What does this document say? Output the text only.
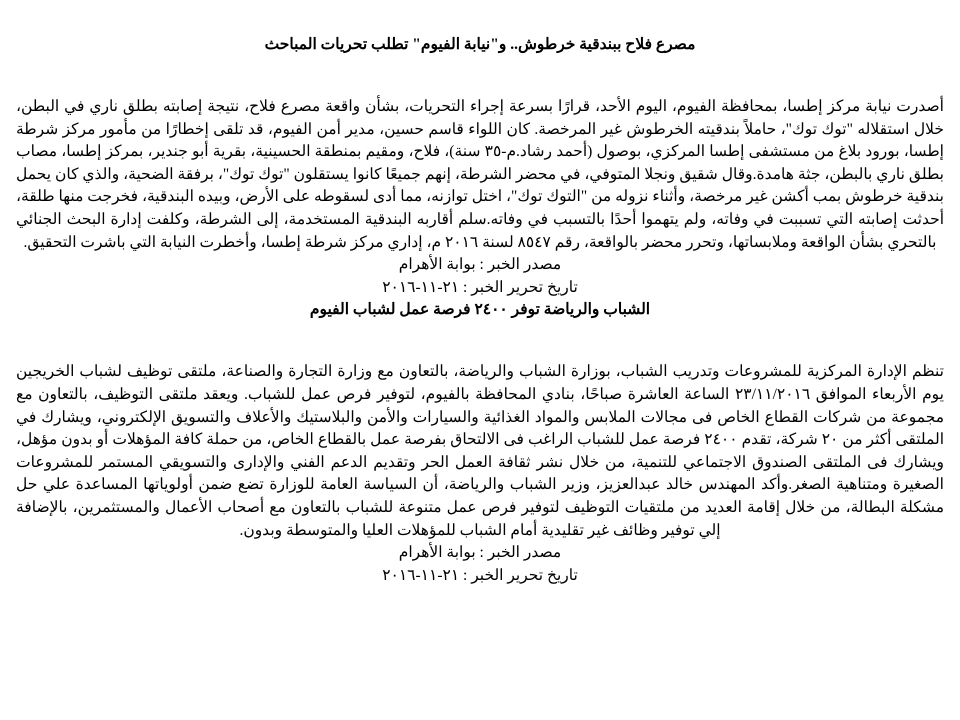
مصرع فلاح ببندقية خرطوش.. و"نيابة الفيوم" تطلب تحريات المباحث

أصدرت نيابة مركز إطسا، بمحافظة الفيوم، اليوم الأحد، قرارًا بسرعة إجراء التحريات، بشأن واقعة مصرع فلاح، نتيجة إصابته بطلق ناري في البطن، خلال استقلاله "توك توك"، حاملاً بندقيته الخرطوش غير المرخصة. كان اللواء قاسم حسين، مدير أمن الفيوم، قد تلقى إخطارًا من مأمور مركز شرطة إطسا، بورود بلاغ من مستشفى إطسا المركزي، بوصول (أحمد رشاد.م-٣٥ سنة)، فلاح، ومقيم بمنطقة الحسينية، بقرية أبو جندير، بمركز إطسا، مصاب بطلق ناري بالبطن، جثة هامدة.وقال شقيق ونجلا المتوفي، في محضر الشرطة، إنهم جميعًا كانوا يستقلون "توك توك"، برفقة الضحية، والذي كان يحمل بندقية خرطوش بمب أكشن غير مرخصة، وأثناء نزوله من "التوك توك"، اختل توازنه، مما أدى لسقوطه على الأرض، وبيده البندقية، فخرجت منها طلقة، أحدثت إصابته التي تسببت في وفاته، ولم يتهموا أحدًا بالتسبب في وفاته.سلم أقاربه البندقية المستخدمة، إلى الشرطة، وكلفت إدارة البحث الجنائي بالتحري بشأن الواقعة وملابساتها، وتحرر محضر بالواقعة، رقم ٨٥٤٧ لسنة ٢٠١٦ م، إداري مركز شرطة إطسا، وأخطرت النيابة التي باشرت التحقيق.

مصدر الخبر : بوابة الأهرام

تاريخ تحرير الخبر : ٢١-١١-٢٠١٦

الشباب والرياضة توفر ٢٤٠٠ فرصة عمل لشباب الفيوم

تنظم الإدارة المركزية للمشروعات وتدريب الشباب، بوزارة الشباب والرياضة، بالتعاون مع وزارة التجارة والصناعة، ملتقى توظيف لشباب الخريجين يوم الأربعاء الموافق ٢٣/١١/٢٠١٦ الساعة العاشرة صباحًا، بنادي المحافظة بالفيوم، لتوفير فرص عمل للشباب. ويعقد ملتقى التوظيف، بالتعاون مع مجموعة من شركات القطاع الخاص فى مجالات الملابس والمواد الغذائية والسيارات والأمن والبلاستيك والأعلاف والتسويق الإلكتروني، ويشارك في الملتقى أكثر من ٢٠ شركة، تقدم ٢٤٠٠ فرصة عمل للشباب الراغب فى الالتحاق بفرصة عمل بالقطاع الخاص، من حملة كافة المؤهلات أو بدون مؤهل، ويشارك فى الملتقى الصندوق الاجتماعي للتنمية، من خلال نشر ثقافة العمل الحر وتقديم الدعم الفني والإدارى والتسويقي المستمر للمشروعات الصغيرة ومتناهية الصغر.وأكد المهندس خالد عبدالعزيز، وزير الشباب والرياضة، أن السياسة العامة للوزارة تضع ضمن أولوياتها المساعدة علي حل مشكلة البطالة، من خلال إقامة العديد من ملتقيات التوظيف لتوفير فرص عمل متنوعة للشباب بالتعاون مع أصحاب الأعمال والمستثمرين، بالإضافة إلي توفير وظائف غير تقليدية أمام الشباب للمؤهلات العليا والمتوسطة وبدون.

مصدر الخبر : بوابة الأهرام

تاريخ تحرير الخبر : ٢١-١١-٢٠١٦
